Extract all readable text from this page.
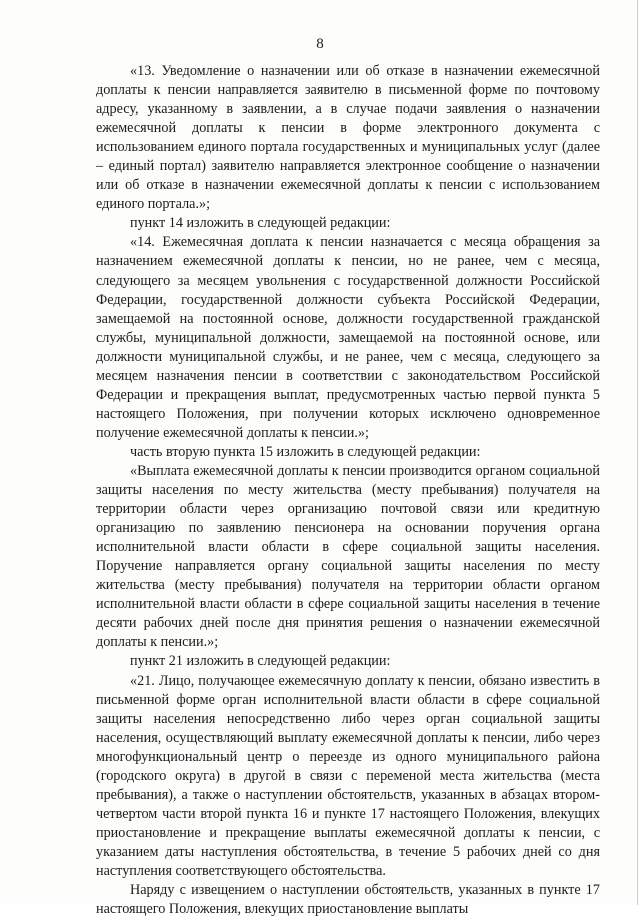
8

«13. Уведомление о назначении или об отказе в назначении ежемесячной доплаты к пенсии направляется заявителю в письменной форме по почтовому адресу, указанному в заявлении, а в случае подачи заявления о назначении ежемесячной доплаты к пенсии в форме электронного документа с использованием единого портала государственных и муниципальных услуг (далее – единый портал) заявителю направляется электронное сообщение о назначении или об отказе в назначении ежемесячной доплаты к пенсии с использованием единого портала.»;

пункт 14 изложить в следующей редакции:

«14. Ежемесячная доплата к пенсии назначается с месяца обращения за назначением ежемесячной доплаты к пенсии, но не ранее, чем с месяца, следующего за месяцем увольнения с государственной должности Российской Федерации, государственной должности субъекта Российской Федерации, замещаемой на постоянной основе, должности государственной гражданской службы, муниципальной должности, замещаемой на постоянной основе, или должности муниципальной службы, и не ранее, чем с месяца, следующего за месяцем назначения пенсии в соответствии с законодательством Российской Федерации и прекращения выплат, предусмотренных частью первой пункта 5 настоящего Положения, при получении которых исключено одновременное получение ежемесячной доплаты к пенсии.»;

часть вторую пункта 15 изложить в следующей редакции:

«Выплата ежемесячной доплаты к пенсии производится органом социальной защиты населения по месту жительства (месту пребывания) получателя на территории области через организацию почтовой связи или кредитную организацию по заявлению пенсионера на основании поручения органа исполнительной власти области в сфере социальной защиты населения. Поручение направляется органу социальной защиты населения по месту жительства (месту пребывания) получателя на территории области органом исполнительной власти области в сфере социальной защиты населения в течение десяти рабочих дней после дня принятия решения о назначении ежемесячной доплаты к пенсии.»;

пункт 21 изложить в следующей редакции:

«21. Лицо, получающее ежемесячную доплату к пенсии, обязано известить в письменной форме орган исполнительной власти области в сфере социальной защиты населения непосредственно либо через орган социальной защиты населения, осуществляющий выплату ежемесячной доплаты к пенсии, либо через многофункциональный центр о переезде из одного муниципального района (городского округа) в другой в связи с переменой места жительства (места пребывания), а также о наступлении обстоятельств, указанных в абзацах втором-четвертом части второй пункта 16 и пункте 17 настоящего Положения, влекущих приостановление и прекращение выплаты ежемесячной доплаты к пенсии, с указанием даты наступления обстоятельства, в течение 5 рабочих дней со дня наступления соответствующего обстоятельства.

Наряду с извещением о наступлении обстоятельств, указанных в пункте 17 настоящего Положения, влекущих приостановление выплаты
